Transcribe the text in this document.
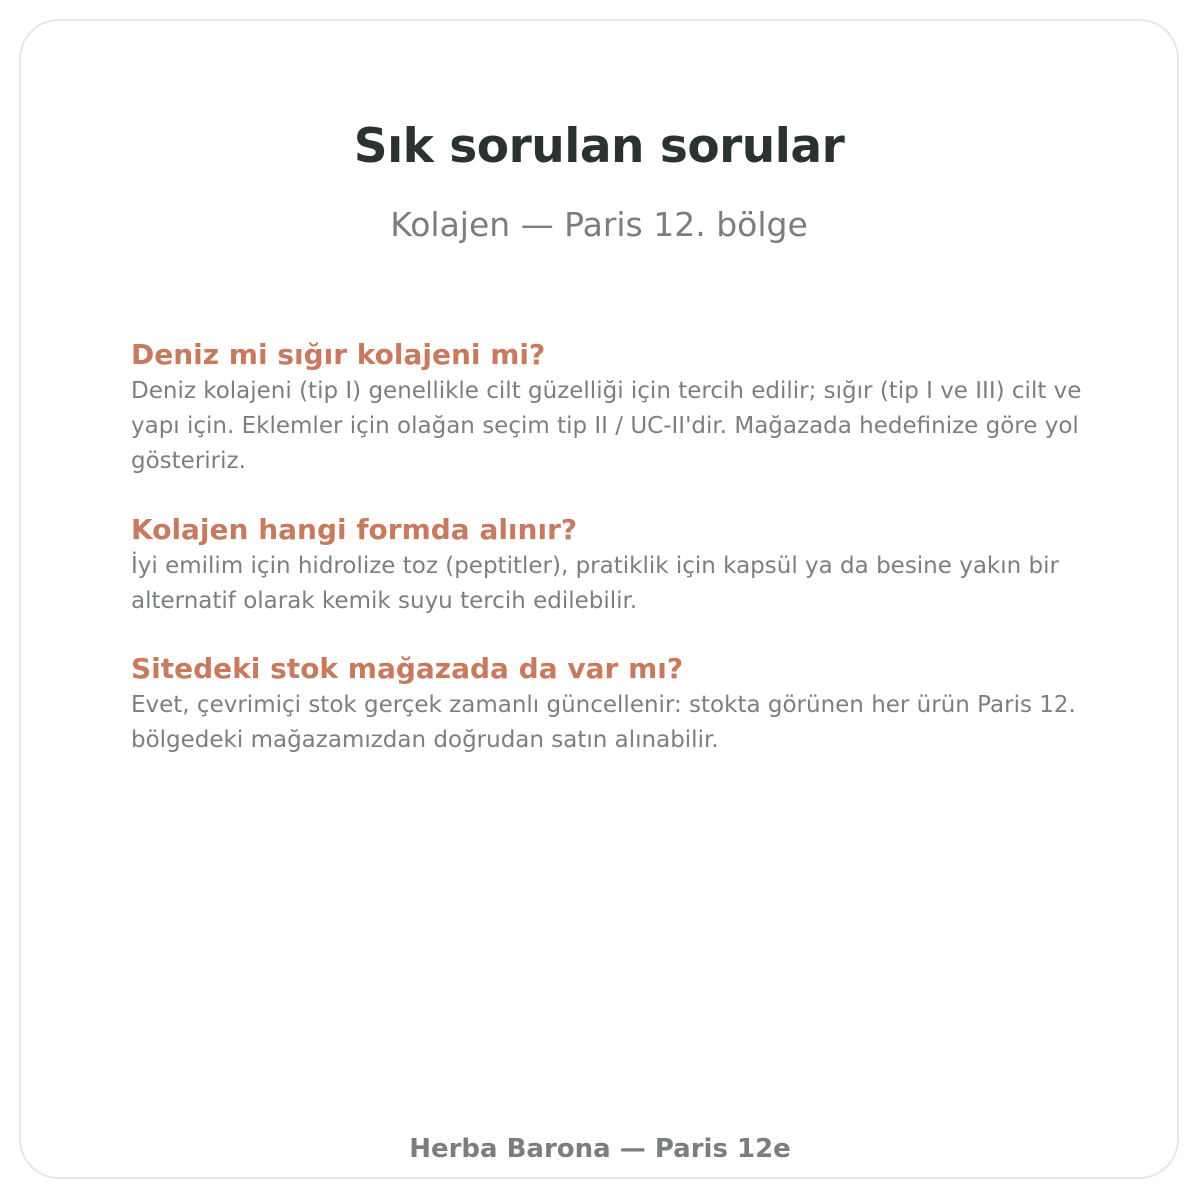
Sık sorulan sorular

Kolajen — Paris 12. bölge

Deniz mi sığır kolajeni mi?

Deniz kolajeni (tip I) genellikle cilt güzelliği için tercih edilir; sığır (tip I ve III) cilt ve yapı için. Eklemler için olağan seçim tip II / UC-II'dir. Mağazada hedefinize göre yol gösteririz.

Kolajen hangi formda alınır?

İyi emilim için hidrolize toz (peptitler), pratiklik için kapsül ya da besine yakın bir alternatif olarak kemik suyu tercih edilebilir.

Sitedeki stok mağazada da var mı?

Evet, çevrimiçi stok gerçek zamanlı güncellenir: stokta görünen her ürün Paris 12. bölgedeki mağazamızdan doğrudan satın alınabilir.

Herba Barona — Paris 12e
